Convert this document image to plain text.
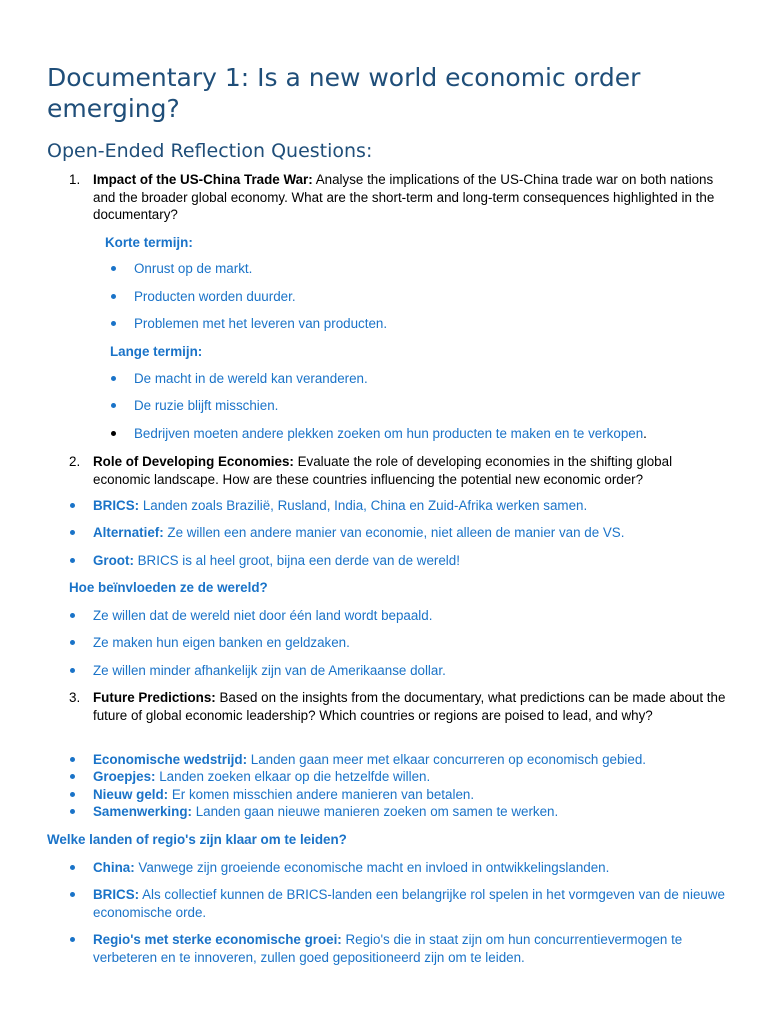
Documentary 1: Is a new world economic order emerging?
Open-Ended Reflection Questions:
1. Impact of the US-China Trade War: Analyse the implications of the US-China trade war on both nations and the broader global economy. What are the short-term and long-term consequences highlighted in the documentary?
Korte termijn:
Onrust op de markt.
Producten worden duurder.
Problemen met het leveren van producten.
Lange termijn:
De macht in de wereld kan veranderen.
De ruzie blijft misschien.
Bedrijven moeten andere plekken zoeken om hun producten te maken en te verkopen.
2. Role of Developing Economies: Evaluate the role of developing economies in the shifting global economic landscape. How are these countries influencing the potential new economic order?
BRICS: Landen zoals Brazilië, Rusland, India, China en Zuid-Afrika werken samen.
Alternatief: Ze willen een andere manier van economie, niet alleen de manier van de VS.
Groot: BRICS is al heel groot, bijna een derde van de wereld!
Hoe beïnvloeden ze de wereld?
Ze willen dat de wereld niet door één land wordt bepaald.
Ze maken hun eigen banken en geldzaken.
Ze willen minder afhankelijk zijn van de Amerikaanse dollar.
3. Future Predictions: Based on the insights from the documentary, what predictions can be made about the future of global economic leadership? Which countries or regions are poised to lead, and why?
Economische wedstrijd: Landen gaan meer met elkaar concurreren op economisch gebied.
Groepjes: Landen zoeken elkaar op die hetzelfde willen.
Nieuw geld: Er komen misschien andere manieren van betalen.
Samenwerking: Landen gaan nieuwe manieren zoeken om samen te werken.
Welke landen of regio's zijn klaar om te leiden?
China: Vanwege zijn groeiende economische macht en invloed in ontwikkelingslanden.
BRICS: Als collectief kunnen de BRICS-landen een belangrijke rol spelen in het vormgeven van de nieuwe economische orde.
Regio's met sterke economische groei: Regio's die in staat zijn om hun concurrentievermogen te verbeteren en te innoveren, zullen goed gepositioneerd zijn om te leiden.
